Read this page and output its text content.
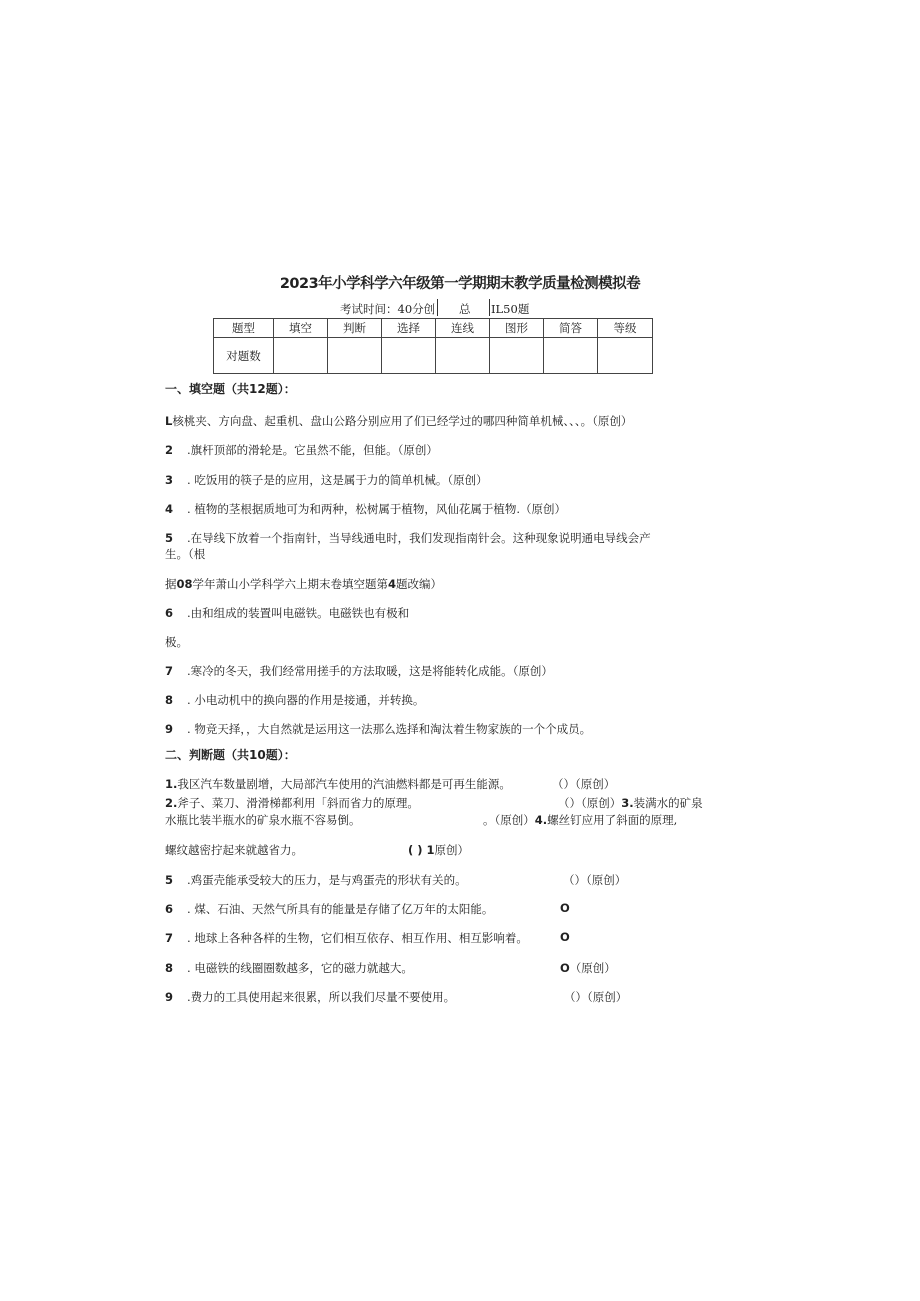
2023年小学科学六年级第一学期期末教学质量检测模拟卷
考试时间：40分创 总 IL50题
题型	填空	判断	选择	连线	图形	简答	等级
对题数							
一、填空题（共12题）：
L核桃夹、方向盘、起重机、盘山公路分别应用了们已经学过的哪四种简单机械、、、。（原创）
2 .旗杆顶部的滑轮是。它虽然不能，但能。（原创）
3 . 吃饭用的筷子是的应用，这是属于力的简单机械。（原创）
4 . 植物的茎根据质地可为和两种，松树属于植物，风仙花属于植物.（原创）
5 .在导线下放着一个指南针，当导线通电时，我们发现指南针会。这种现象说明通电导线会产
生。（根
据08学年萧山小学科学六上期末卷填空题第4题改编）
6 .由和组成的装置叫电磁铁。电磁铁也有极和
极。
7 .寒冷的冬天，我们经常用搓手的方法取暖，这是将能转化成能。（原创）
8 . 小电动机中的换向器的作用是接通，并转换。
9 . 物竞天择，，大自然就是运用这一法那么选择和淘汰着生物家族的一个个成员。
二、判断题（共10题）：
1.我区汽车数量剧增，大局部汽车使用的汽油燃料都是可再生能源。	（）（原创）
2.斧子、菜刀、滑滑梯都利用「斜而省力的原理。	（）（原创）3.装满水的矿泉
水瓶比装半瓶水的矿泉水瓶不容易倒。	。（原创）4.螺丝钉应用了斜面的原理,
螺纹越密拧起来就越省力。	( ) 1原创）
5 .鸡蛋壳能承受较大的压力，是与鸡蛋壳的形状有关的。	（）（原创）
6 . 煤、石油、天然气所具有的能量是存储了亿万年的太阳能。	O
7 . 地球上各种各样的生物，它们相互依存、相互作用、相互影响着。	O
8 . 电磁铁的线圈圈数越多，它的磁力就越大。	O（原创）
9 .费力的工具使用起来很累，所以我们尽量不要使用。	（）（原创）
